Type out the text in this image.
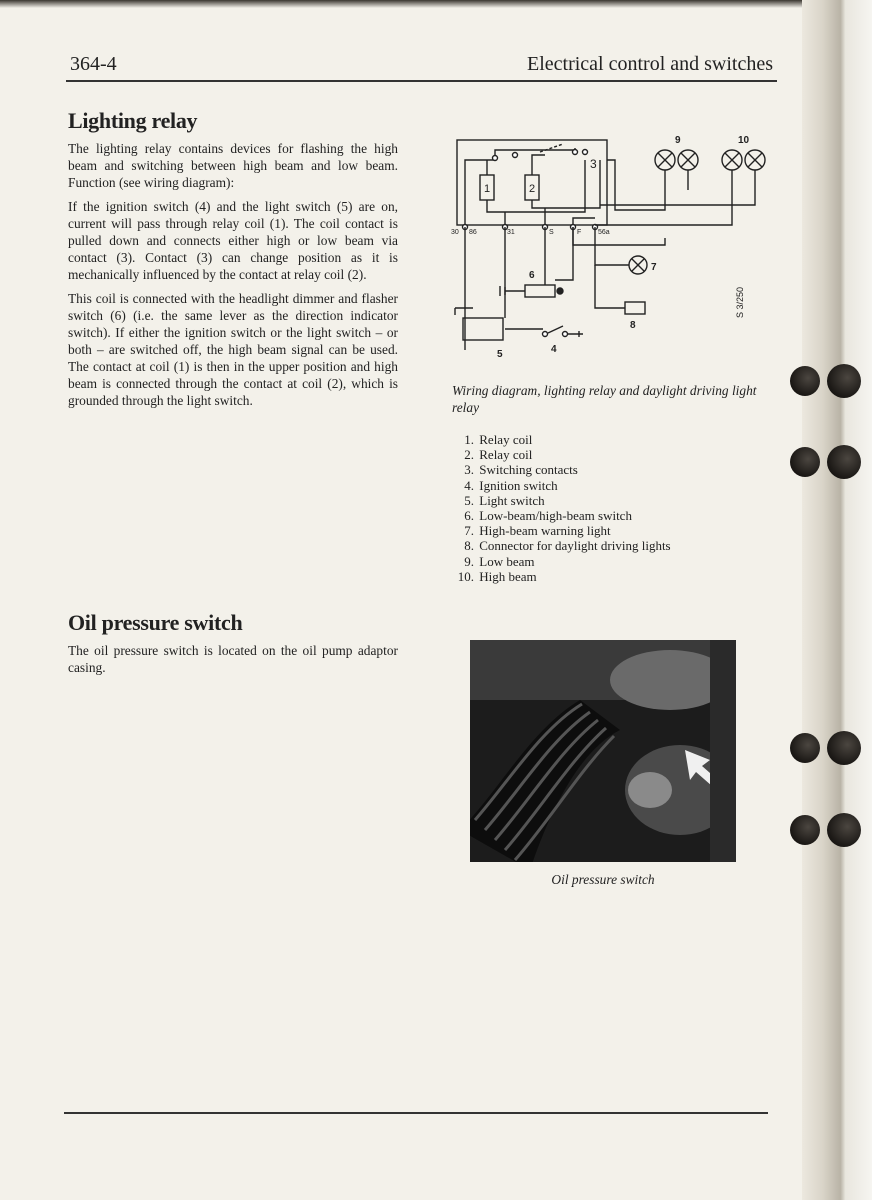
364-4	Electrical control and switches
Lighting relay

The lighting relay contains devices for flashing the high beam and switching between high beam and low beam. Function (see wiring diagram):

If the ignition switch (4) and the light switch (5) are on, current will pass through relay coil (1). The coil contact is pulled down and connects either high or low beam via contact (3). Contact (3) can change position as it is mechanically influenced by the contact at relay coil (2).

This coil is connected with the headlight dimmer and flasher switch (6) (i.e. the same lever as the direction indicator switch). If either the ignition switch or the light switch – or both – are switched off, the high beam signal can be used. The contact at coil (1) is then in the upper position and high beam is connected through the contact at coil (2), which is grounded through the light switch.

Oil pressure switch

The oil pressure switch is located on the oil pump adaptor casing.

1	2
3
30 86	31	S	F 56a
9	10
7
6
8
5	4
S 3/250
Wiring diagram, lighting relay and daylight driving light relay
1. Relay coil
2. Relay coil
3. Switching contacts
4. Ignition switch
5. Light switch
6. Low-beam/high-beam switch
7. High-beam warning light
8. Connector for daylight driving lights
9. Low beam
10. High beam
Oil pressure switch
